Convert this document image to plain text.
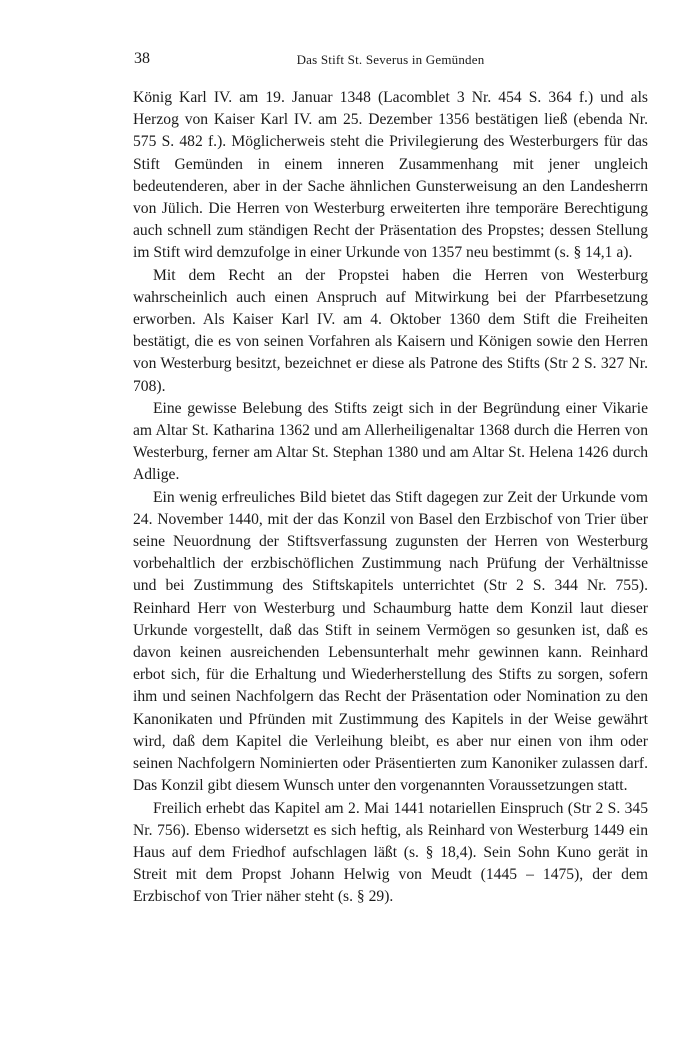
38	Das Stift St. Severus in Gemünden

König Karl IV. am 19. Januar 1348 (Lacomblet 3 Nr. 454 S. 364 f.) und als Herzog von Kaiser Karl IV. am 25. Dezember 1356 bestätigen ließ (ebenda Nr. 575 S. 482 f.). Möglicherweis steht die Privilegierung des Westerburgers für das Stift Gemünden in einem inneren Zusammenhang mit jener ungleich bedeutenderen, aber in der Sache ähnlichen Gunsterweisung an den Landesherrn von Jülich. Die Herren von Westerburg erweiterten ihre temporäre Berechtigung auch schnell zum ständigen Recht der Präsentation des Propstes; dessen Stellung im Stift wird demzufolge in einer Urkunde von 1357 neu bestimmt (s. § 14,1 a).

Mit dem Recht an der Propstei haben die Herren von Westerburg wahrscheinlich auch einen Anspruch auf Mitwirkung bei der Pfarrbesetzung erworben. Als Kaiser Karl IV. am 4. Oktober 1360 dem Stift die Freiheiten bestätigt, die es von seinen Vorfahren als Kaisern und Königen sowie den Herren von Westerburg besitzt, bezeichnet er diese als Patrone des Stifts (Str 2 S. 327 Nr. 708).

Eine gewisse Belebung des Stifts zeigt sich in der Begründung einer Vikarie am Altar St. Katharina 1362 und am Allerheiligenaltar 1368 durch die Herren von Westerburg, ferner am Altar St. Stephan 1380 und am Altar St. Helena 1426 durch Adlige.

Ein wenig erfreuliches Bild bietet das Stift dagegen zur Zeit der Urkunde vom 24. November 1440, mit der das Konzil von Basel den Erzbischof von Trier über seine Neuordnung der Stiftsverfassung zugunsten der Herren von Westerburg vorbehaltlich der erzbischöflichen Zustimmung nach Prüfung der Verhältnisse und bei Zustimmung des Stiftskapitels unterrichtet (Str 2 S. 344 Nr. 755). Reinhard Herr von Westerburg und Schaumburg hatte dem Konzil laut dieser Urkunde vorgestellt, daß das Stift in seinem Vermögen so gesunken ist, daß es davon keinen ausreichenden Lebensunterhalt mehr gewinnen kann. Reinhard erbot sich, für die Erhaltung und Wiederherstellung des Stifts zu sorgen, sofern ihm und seinen Nachfolgern das Recht der Präsentation oder Nomination zu den Kanonikaten und Pfründen mit Zustimmung des Kapitels in der Weise gewährt wird, daß dem Kapitel die Verleihung bleibt, es aber nur einen von ihm oder seinen Nachfolgern Nominierten oder Präsentierten zum Kanoniker zulassen darf. Das Konzil gibt diesem Wunsch unter den vorgenannten Voraussetzungen statt.

Freilich erhebt das Kapitel am 2. Mai 1441 notariellen Einspruch (Str 2 S. 345 Nr. 756). Ebenso widersetzt es sich heftig, als Reinhard von Westerburg 1449 ein Haus auf dem Friedhof aufschlagen läßt (s. § 18,4). Sein Sohn Kuno gerät in Streit mit dem Propst Johann Helwig von Meudt (1445 – 1475), der dem Erzbischof von Trier näher steht (s. § 29).
